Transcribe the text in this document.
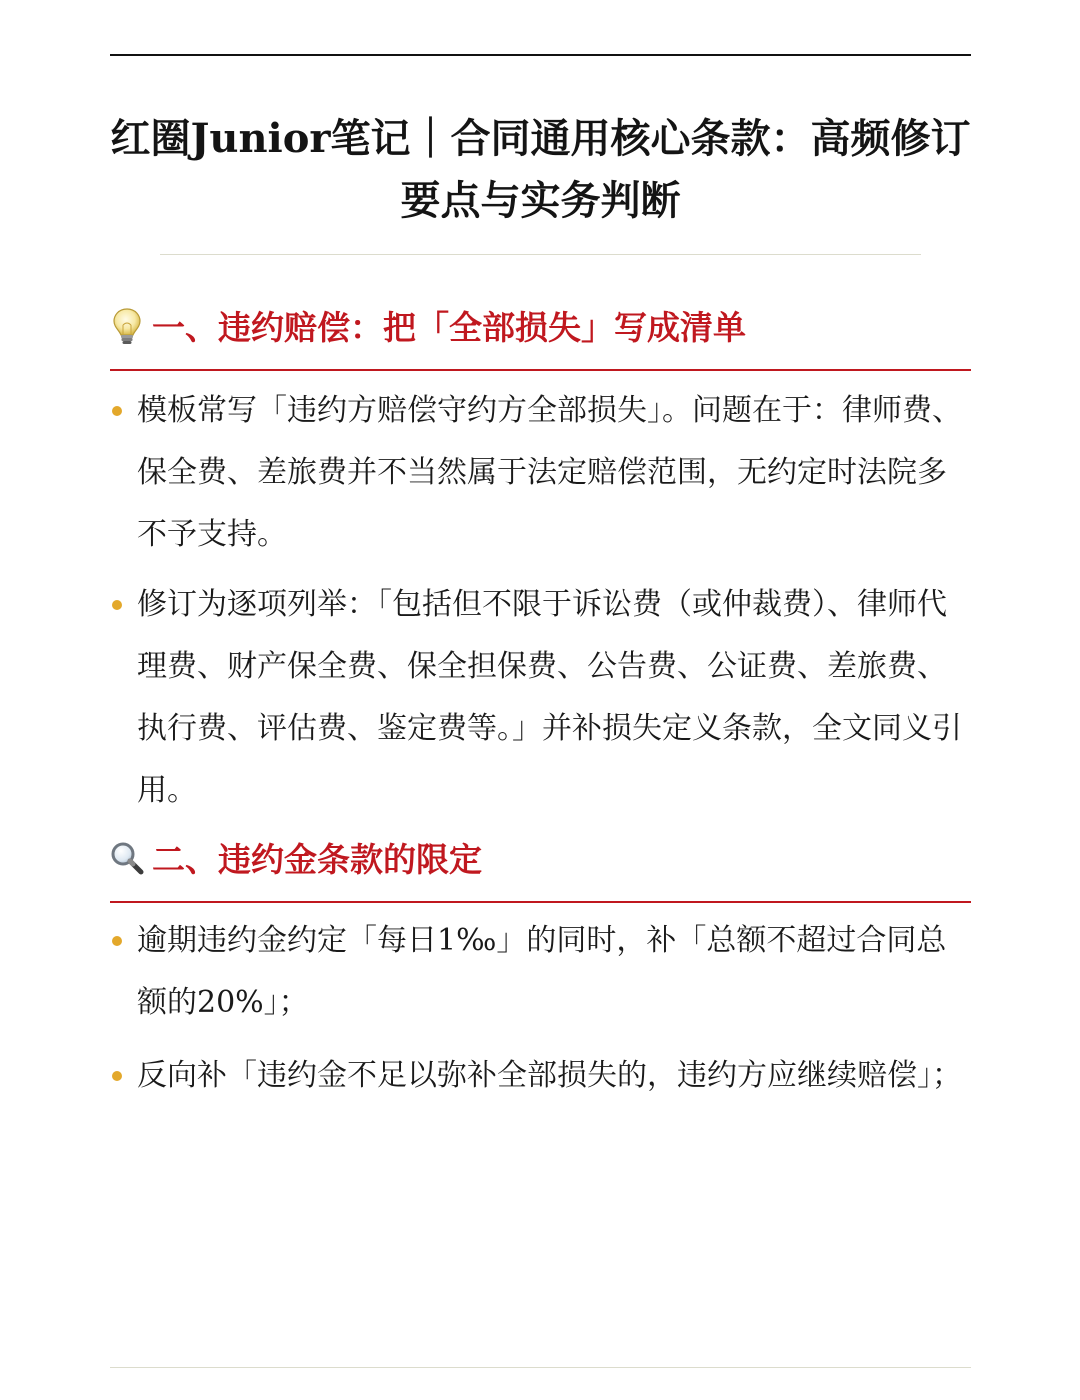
红圈Junior笔记｜合同通用核心条款：高频修订
要点与实务判断
一、违约赔偿：把「全部损失」写成清单
模板常写「违约方赔偿守约方全部损失」。问题在于：律师费、保全费、差旅费并不当然属于法定赔偿范围，无约定时法院多不予支持。
修订为逐项列举：「包括但不限于诉讼费（或仲裁费）、律师代理费、财产保全费、保全担保费、公告费、公证费、差旅费、执行费、评估费、鉴定费等。」并补损失定义条款，全文同义引用。
二、违约金条款的限定
逾期违约金约定「每日1‰」的同时，补「总额不超过合同总额的20%」；
反向补「违约金不足以弥补全部损失的，违约方应继续赔偿」；
